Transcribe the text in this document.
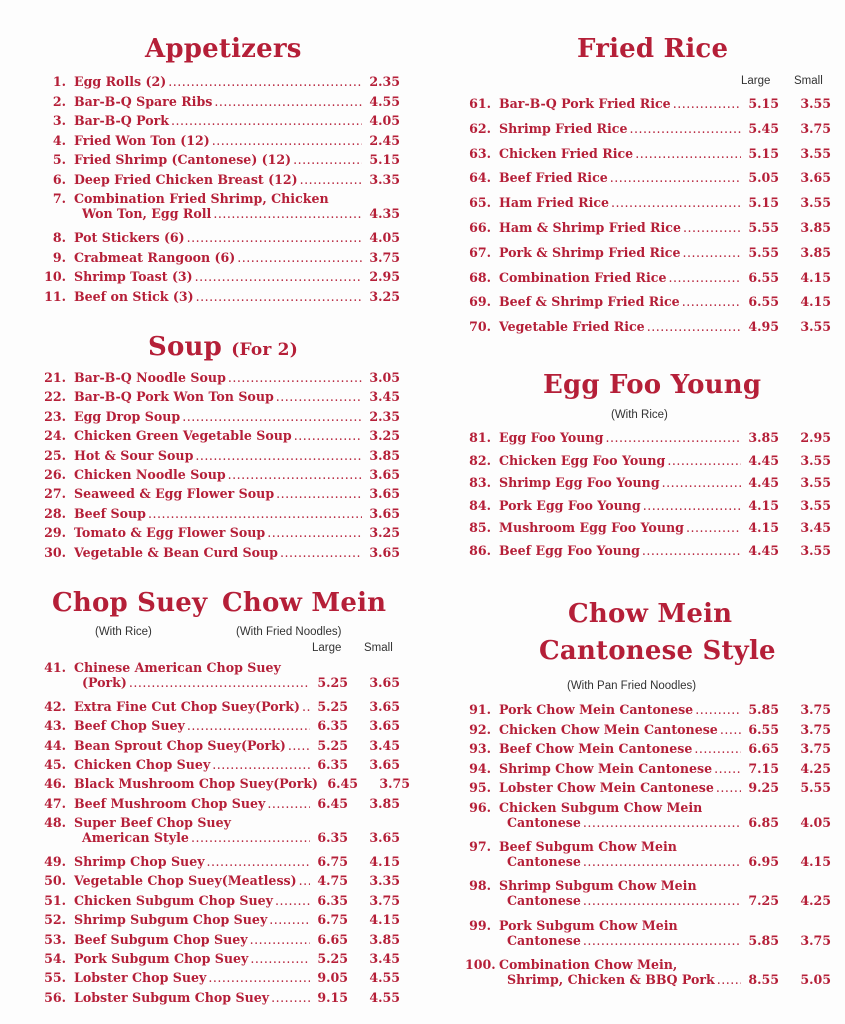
Appetizers
1. Egg Rolls (2) .....	2.35
2. Bar-B-Q Spare Ribs .....	4.55
3. Bar-B-Q Pork .....	4.05
4. Fried Won Ton (12) .....	2.45
5. Fried Shrimp (Cantonese) (12) .....	5.15
6. Deep Fried Chicken Breast (12) .....	3.35
7. Combination Fried Shrimp, Chicken
Won Ton, Egg Roll .....	4.35
8. Pot Stickers (6) .....	4.05
9. Crabmeat Rangoon (6) .....	3.75
10. Shrimp Toast (3) .....	2.95
11. Beef on Stick (3) .....	3.25
Soup (For 2)
21. Bar-B-Q Noodle Soup .....	3.05
22. Bar-B-Q Pork Won Ton Soup .....	3.45
23. Egg Drop Soup .....	2.35
24. Chicken Green Vegetable Soup .....	3.25
25. Hot & Sour Soup .....	3.85
26. Chicken Noodle Soup .....	3.65
27. Seaweed & Egg Flower Soup .....	3.65
28. Beef Soup .....	3.65
29. Tomato & Egg Flower Soup .....	3.25
30. Vegetable & Bean Curd Soup .....	3.65
Chop Suey Chow Mein
(With Rice)	(With Fried Noodles)
Large Small
41. Chinese American Chop Suey
(Pork) .....	5.25	3.65
42. Extra Fine Cut Chop Suey(Pork) .....	5.25	3.65
43. Beef Chop Suey .....	6.35	3.65
44. Bean Sprout Chop Suey(Pork) .....	5.25	3.45
45. Chicken Chop Suey .....	6.35	3.65
46. Black Mushroom Chop Suey(Pork) 6.45	3.75
47. Beef Mushroom Chop Suey .....	6.45	3.85
48. Super Beef Chop Suey
American Style .....	6.35	3.65
49. Shrimp Chop Suey .....	6.75	4.15
50. Vegetable Chop Suey(Meatless) .....	4.75	3.35
51. Chicken Subgum Chop Suey .....	6.35	3.75
52. Shrimp Subgum Chop Suey .....	6.75	4.15
53. Beef Subgum Chop Suey .....	6.65	3.85
54. Pork Subgum Chop Suey .....	5.25	3.45
55. Lobster Chop Suey .....	9.05	4.55
56. Lobster Subgum Chop Suey .....	9.15	4.55
Fried Rice
Large Small
61. Bar-B-Q Pork Fried Rice .....	5.15	3.55
62. Shrimp Fried Rice .....	5.45	3.75
63. Chicken Fried Rice .....	5.15	3.55
64. Beef Fried Rice .....	5.05	3.65
65. Ham Fried Rice .....	5.15	3.55
66. Ham & Shrimp Fried Rice .....	5.55	3.85
67. Pork & Shrimp Fried Rice .....	5.55	3.85
68. Combination Fried Rice .....	6.55	4.15
69. Beef & Shrimp Fried Rice .....	6.55	4.15
70. Vegetable Fried Rice .....	4.95	3.55
Egg Foo Young
(With Rice)
81. Egg Foo Young .....	3.85	2.95
82. Chicken Egg Foo Young .....	4.45	3.55
83. Shrimp Egg Foo Young .....	4.45	3.55
84. Pork Egg Foo Young .....	4.15	3.55
85. Mushroom Egg Foo Young .....	4.15	3.45
86. Beef Egg Foo Young .....	4.45	3.55
Chow Mein
Cantonese Style
(With Pan Fried Noodles)
91. Pork Chow Mein Cantonese .....	5.85	3.75
92. Chicken Chow Mein Cantonese .....	6.55	3.75
93. Beef Chow Mein Cantonese .....	6.65	3.75
94. Shrimp Chow Mein Cantonese .....	7.15	4.25
95. Lobster Chow Mein Cantonese .....	9.25	5.55
96. Chicken Subgum Chow Mein
Cantonese .....	6.85	4.05
97. Beef Subgum Chow Mein
Cantonese .....	6.95	4.15
98. Shrimp Subgum Chow Mein
Cantonese .....	7.25	4.25
99. Pork Subgum Chow Mein
Cantonese .....	5.85	3.75
100. Combination Chow Mein,
Shrimp, Chicken & BBQ Pork .....	8.55	5.05
